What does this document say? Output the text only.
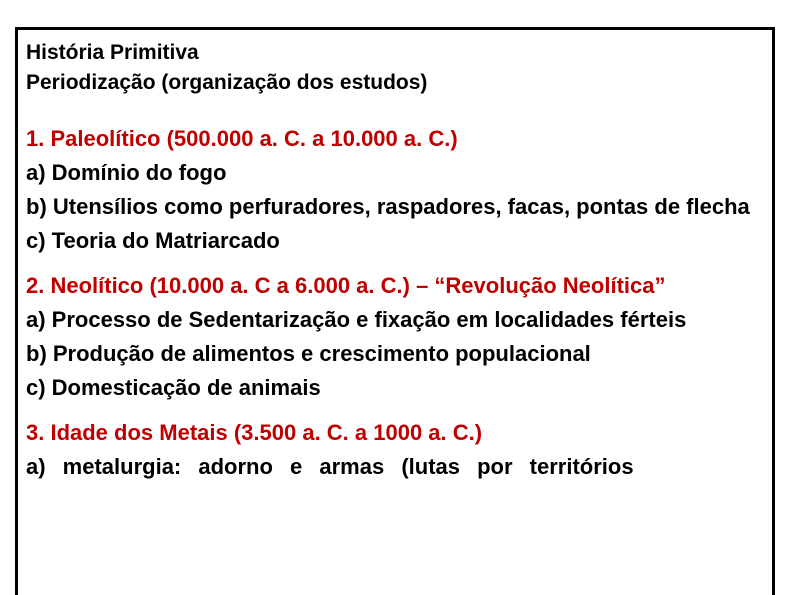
História Primitiva
Periodização (organização dos estudos)
1. Paleolítico (500.000 a. C. a 10.000 a. C.)
a) Domínio do fogo
b) Utensílios como perfuradores, raspadores, facas, pontas de flecha
c) Teoria do Matriarcado
2. Neolítico (10.000 a. C a 6.000 a. C.) – “Revolução Neolítica”
a) Processo de Sedentarização e fixação em localidades férteis
b) Produção de alimentos e crescimento populacional
c) Domesticação de animais
3. Idade dos Metais (3.500 a. C. a 1000 a. C.)
a) metalurgia: adorno e armas (lutas por territórios
